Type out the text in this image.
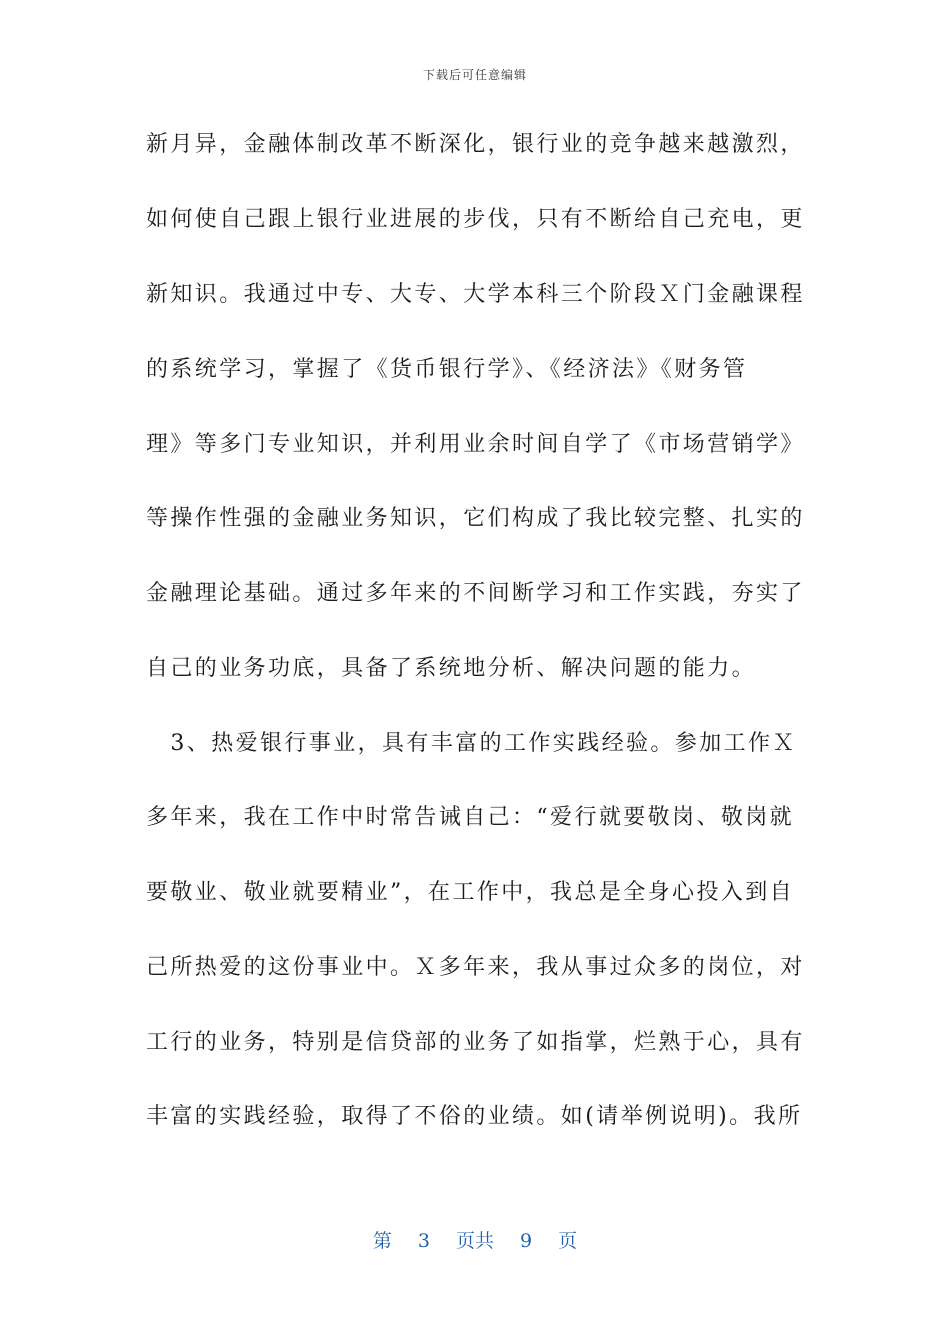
下载后可任意编辑
新月异，金融体制改革不断深化，银行业的竞争越来越激烈，
如何使自己跟上银行业进展的步伐，只有不断给自己充电，更
新知识。我通过中专、大专、大学本科三个阶段Ｘ门金融课程
的系统学习，掌握了《货币银行学》、《经济法》《财务管
理》等多门专业知识，并利用业余时间自学了《市场营销学》
等操作性强的金融业务知识，它们构成了我比较完整、扎实的
金融理论基础。通过多年来的不间断学习和工作实践，夯实了
自己的业务功底，具备了系统地分析、解决问题的能力。
　3、热爱银行事业，具有丰富的工作实践经验。参加工作Ｘ
多年来，我在工作中时常告诫自己：“爱行就要敬岗、敬岗就
要敬业、敬业就要精业”，在工作中，我总是全身心投入到自
己所热爱的这份事业中。Ｘ多年来，我从事过众多的岗位，对
工行的业务，特别是信贷部的业务了如指掌，烂熟于心，具有
丰富的实践经验，取得了不俗的业绩。如(请举例说明)。我所
第 3 页共 9 页
